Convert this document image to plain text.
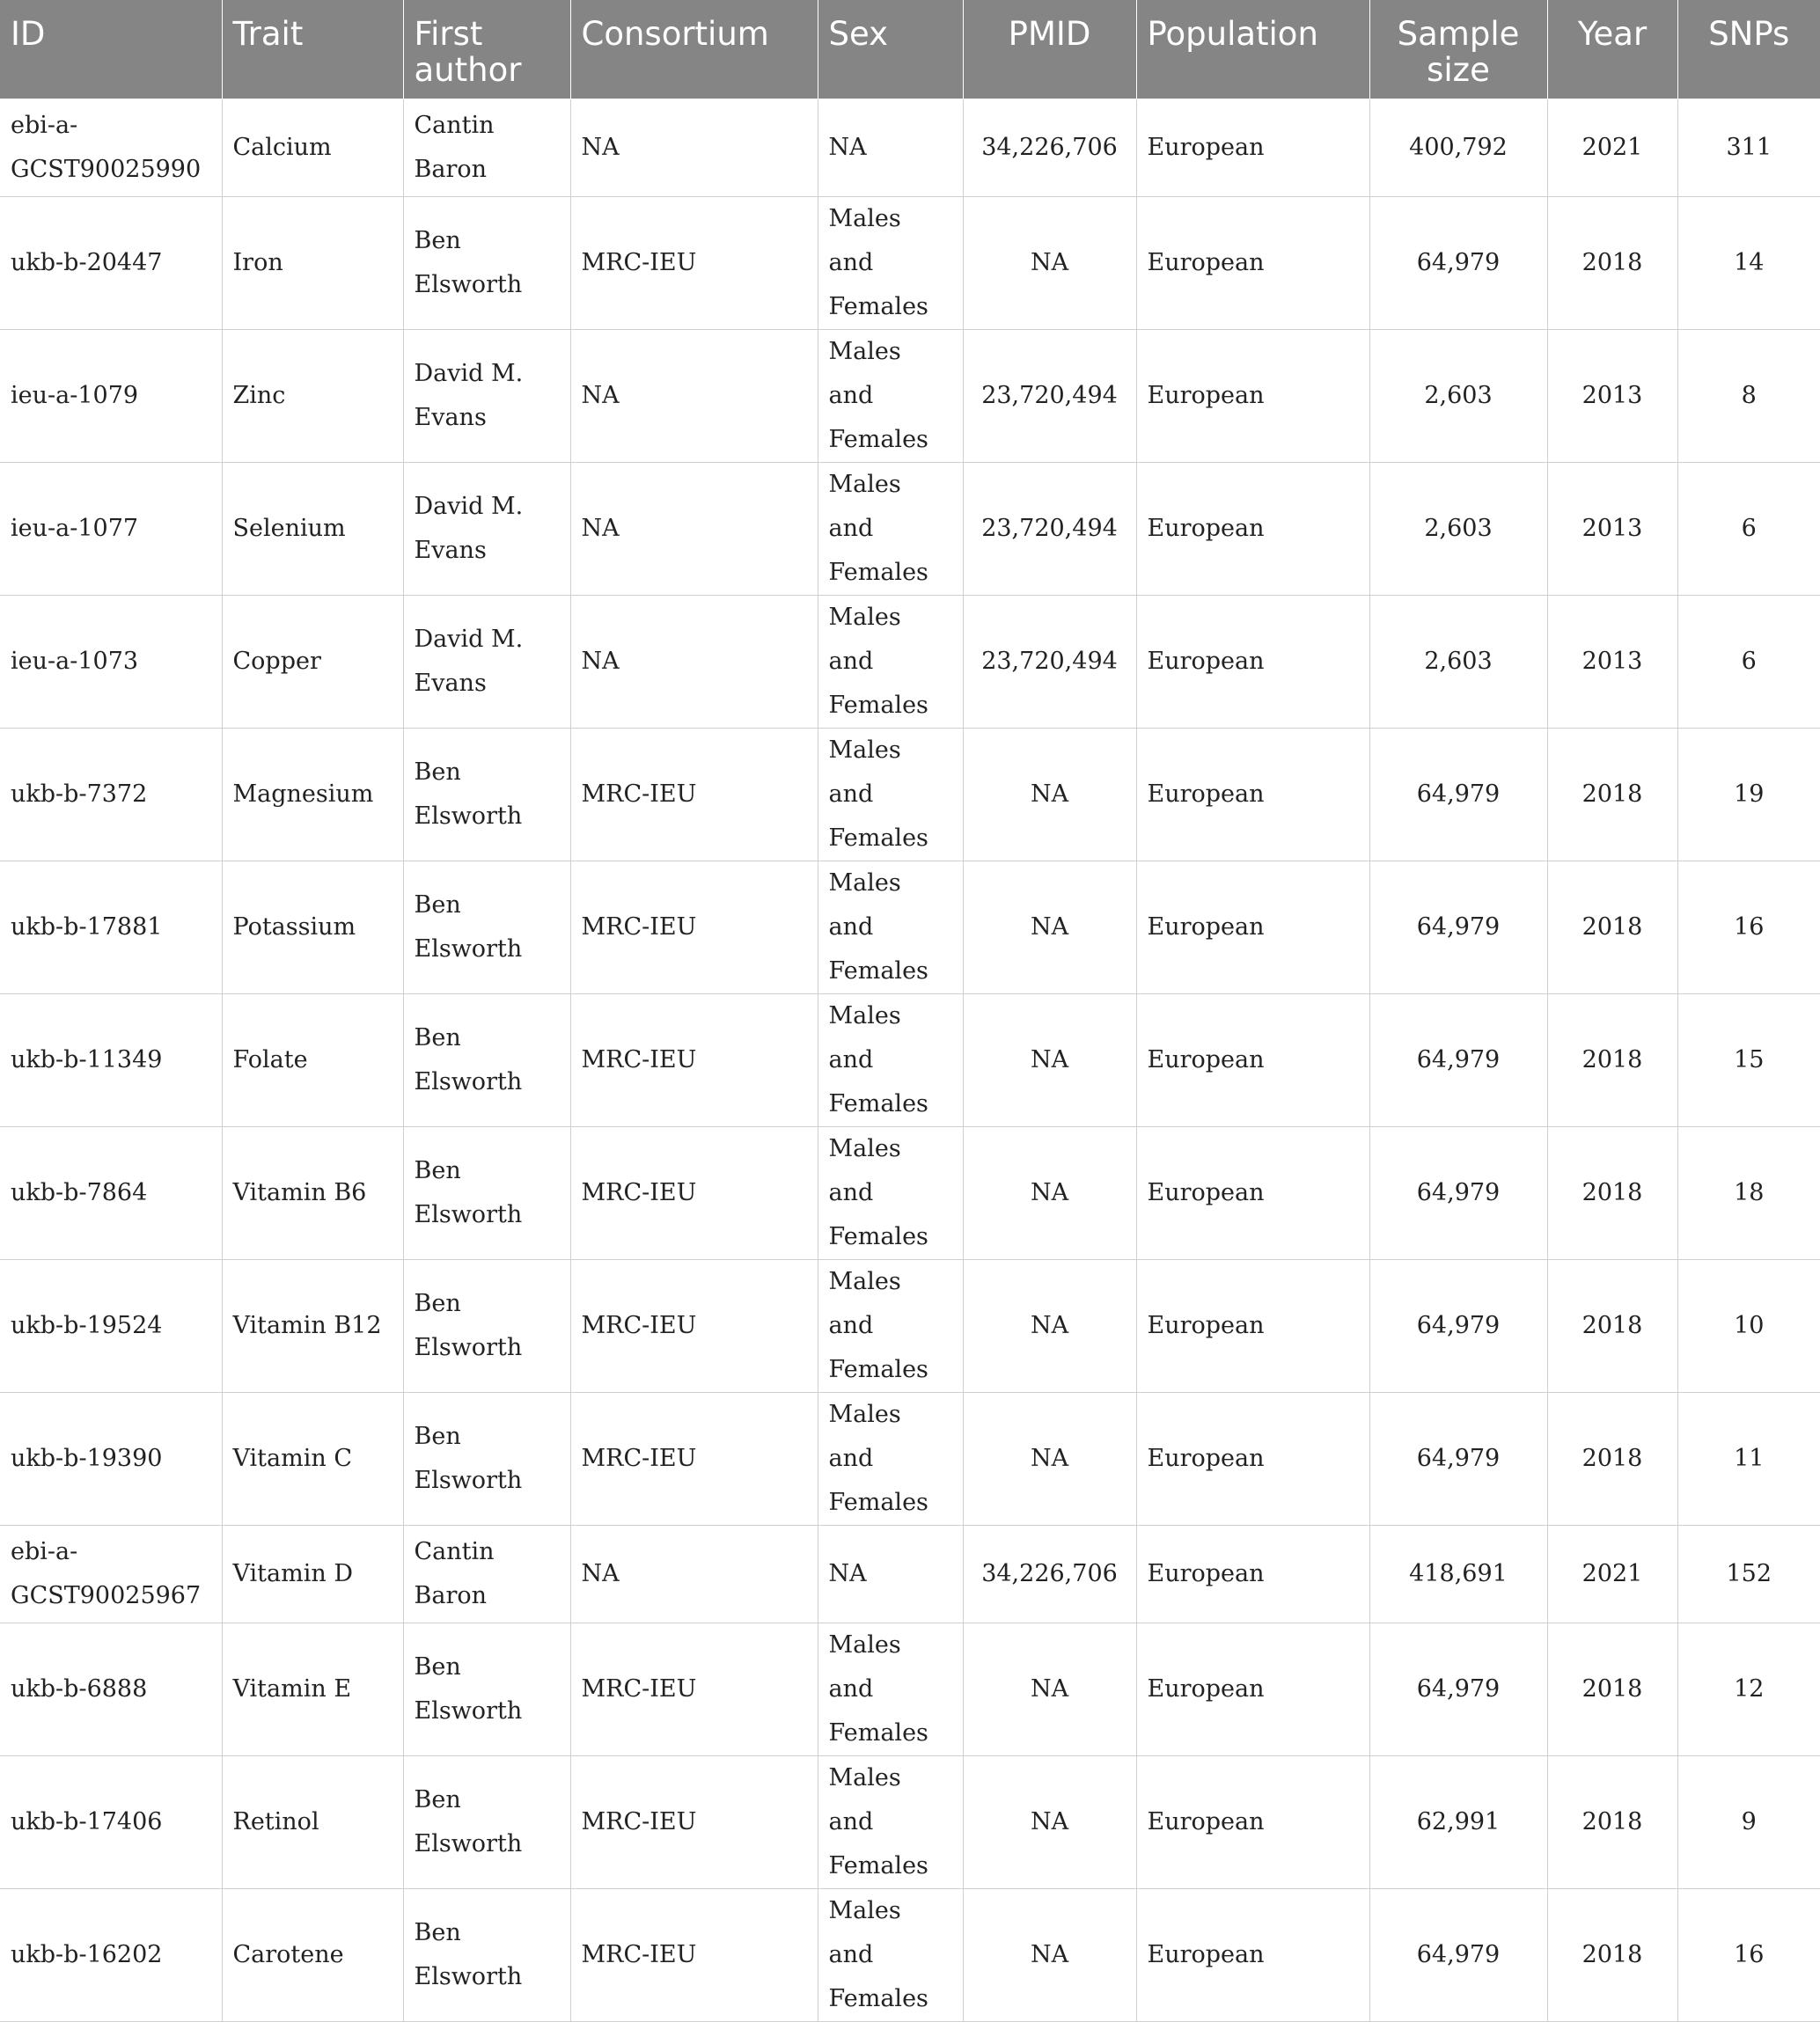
ID	Trait	First author	Consortium	Sex	PMID	Population	Sample size	Year	SNPs
ebi-a-GCST90025990	Calcium	Cantin Baron	NA	NA	34,226,706	European	400,792	2021	311
ukb-b-20447	Iron	Ben Elsworth	MRC-IEU	Males and Females	NA	European	64,979	2018	14
ieu-a-1079	Zinc	David M. Evans	NA	Males and Females	23,720,494	European	2,603	2013	8
ieu-a-1077	Selenium	David M. Evans	NA	Males and Females	23,720,494	European	2,603	2013	6
ieu-a-1073	Copper	David M. Evans	NA	Males and Females	23,720,494	European	2,603	2013	6
ukb-b-7372	Magnesium	Ben Elsworth	MRC-IEU	Males and Females	NA	European	64,979	2018	19
ukb-b-17881	Potassium	Ben Elsworth	MRC-IEU	Males and Females	NA	European	64,979	2018	16
ukb-b-11349	Folate	Ben Elsworth	MRC-IEU	Males and Females	NA	European	64,979	2018	15
ukb-b-7864	Vitamin B6	Ben Elsworth	MRC-IEU	Males and Females	NA	European	64,979	2018	18
ukb-b-19524	Vitamin B12	Ben Elsworth	MRC-IEU	Males and Females	NA	European	64,979	2018	10
ukb-b-19390	Vitamin C	Ben Elsworth	MRC-IEU	Males and Females	NA	European	64,979	2018	11
ebi-a-GCST90025967	Vitamin D	Cantin Baron	NA	NA	34,226,706	European	418,691	2021	152
ukb-b-6888	Vitamin E	Ben Elsworth	MRC-IEU	Males and Females	NA	European	64,979	2018	12
ukb-b-17406	Retinol	Ben Elsworth	MRC-IEU	Males and Females	NA	European	62,991	2018	9
ukb-b-16202	Carotene	Ben Elsworth	MRC-IEU	Males and Females	NA	European	64,979	2018	16
